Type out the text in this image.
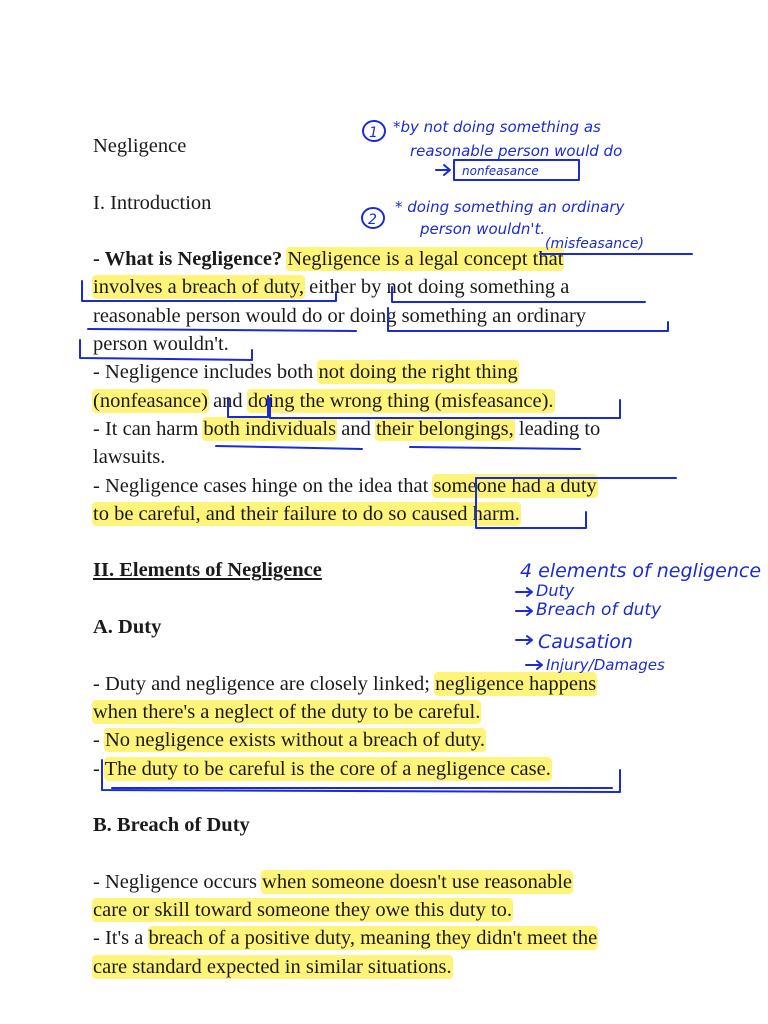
Negligence
I. Introduction
- What is Negligence? Negligence is a legal concept that
involves a breach of duty, either by not doing something a
reasonable person would do or doing something an ordinary
person wouldn't.
- Negligence includes both not doing the right thing
(nonfeasance) and doing the wrong thing (misfeasance).
- It can harm both individuals and their belongings, leading to
lawsuits.
- Negligence cases hinge on the idea that someone had a duty
to be careful, and their failure to do so caused harm.
II. Elements of Negligence
A. Duty
- Duty and negligence are closely linked; negligence happens
when there's a neglect of the duty to be careful.
- No negligence exists without a breach of duty.
- The duty to be careful is the core of a negligence case.
B. Breach of Duty
- Negligence occurs when someone doesn't use reasonable
care or skill toward someone they owe this duty to.
- It's a breach of a positive duty, meaning they didn't meet the
care standard expected in similar situations.
1 *by not doing something as
reasonable person would do
nonfeasance
2
* doing something an ordinary
person wouldn't.
(misfeasance)
4 elements of negligence
Duty
Breach of duty
Causation
Injury/Damages
